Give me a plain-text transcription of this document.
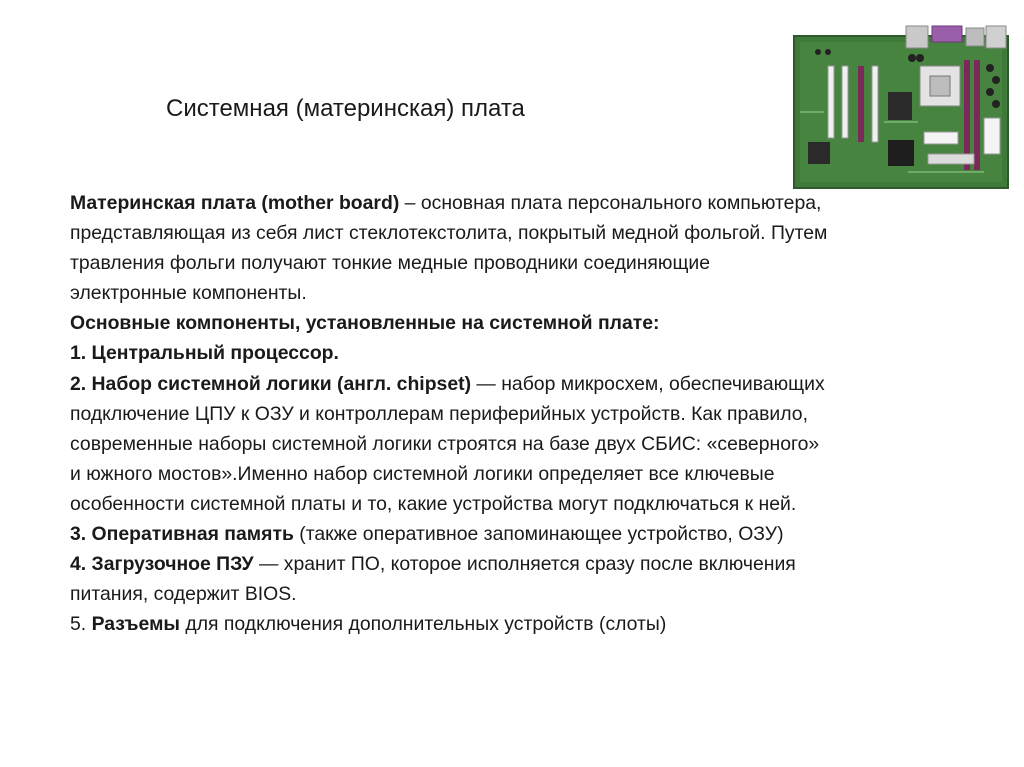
Системная (материнская) плата
Материнская плата (mother board) – основная плата персонального компьютера,
представляющая из себя лист стеклотекстолита, покрытый медной фольгой. Путем
травления фольги получают тонкие медные проводники соединяющие
электронные компоненты.
Основные компоненты, установленные на системной плате:
1. Центральный процессор.
2. Набор системной логики (англ. chipset) — набор микросхем, обеспечивающих
подключение ЦПУ к ОЗУ и контроллерам периферийных устройств. Как правило,
современные наборы системной логики строятся на базе двух СБИС: «северного»
и южного мостов».Именно набор системной логики определяет все ключевые
особенности системной платы и то, какие устройства могут подключаться к ней.
3. Оперативная память (также оперативное запоминающее устройство, ОЗУ)
4. Загрузочное ПЗУ — хранит ПО, которое исполняется сразу после включения
питания, содержит BIOS.
5. Разъемы для подключения дополнительных устройств (слоты)
